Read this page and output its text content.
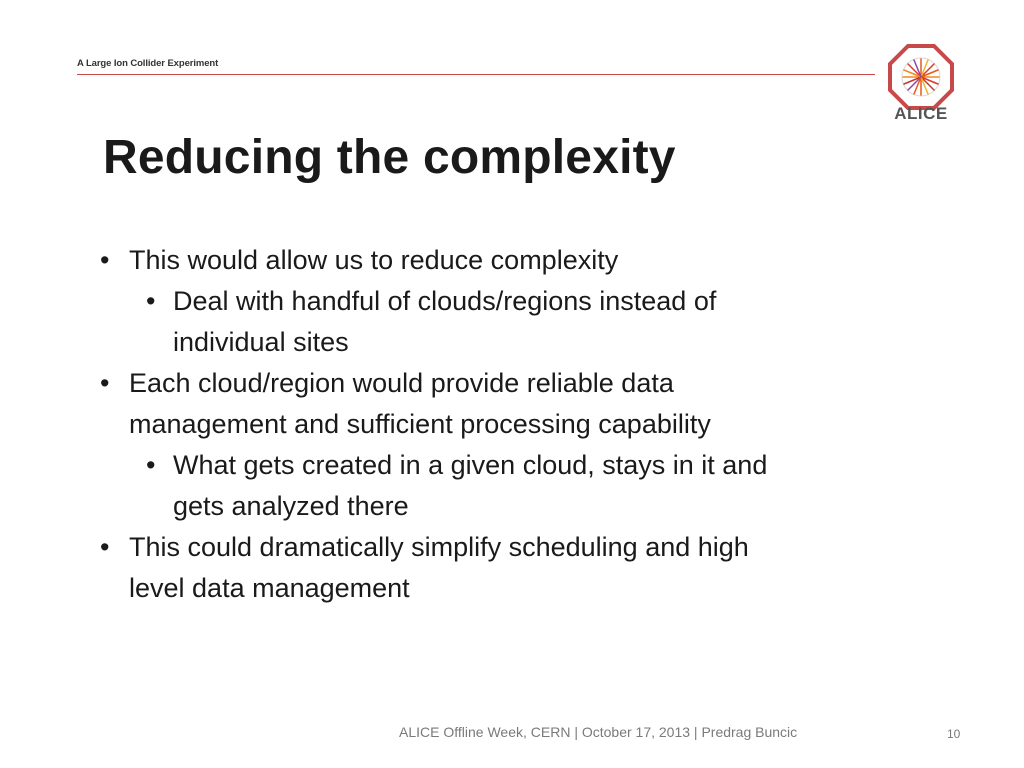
A Large Ion Collider Experiment
ALICE
Reducing the complexity
• This would allow us to reduce complexity
• Deal with handful of clouds/regions instead of
individual sites
• Each cloud/region would provide reliable data
management and sufficient processing capability
• What gets created in a given cloud, stays in it and
gets analyzed there
• This could dramatically simplify scheduling and high
level data management
ALICE Offline Week, CERN | October 17, 2013 | Predrag Buncic	10
